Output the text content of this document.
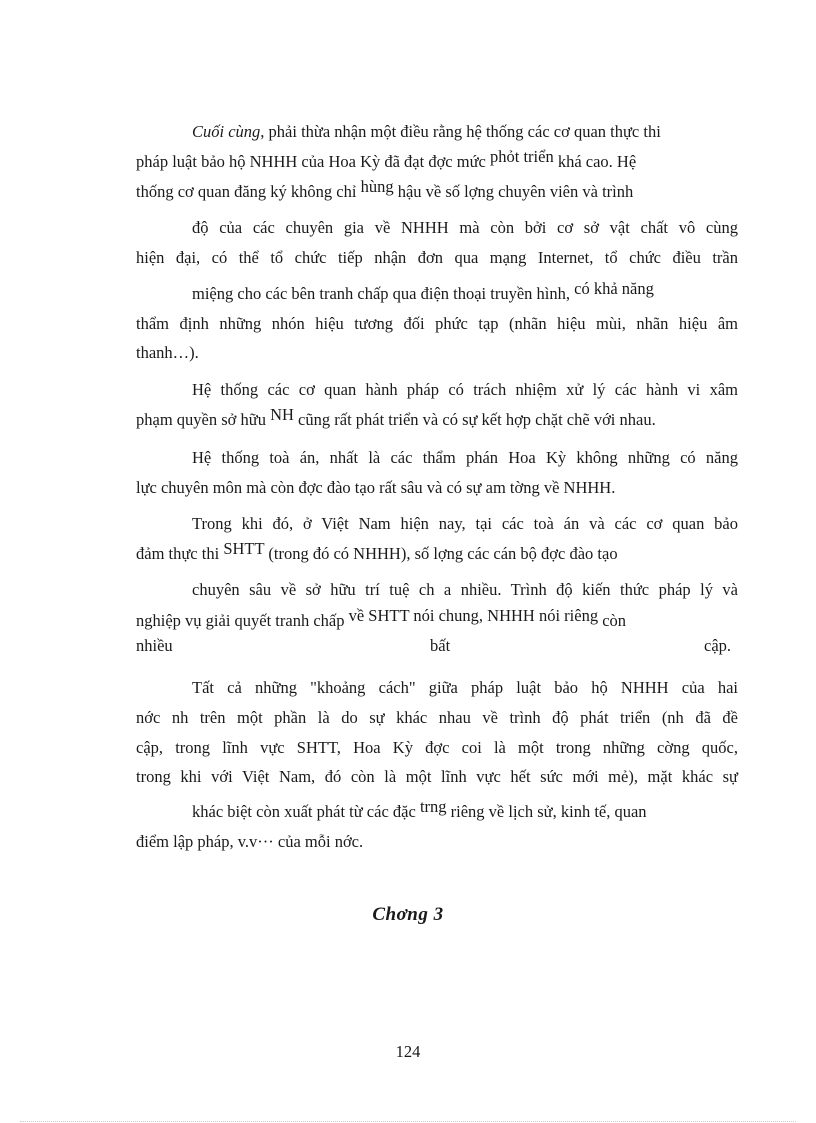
Cuối cùng, phải thừa nhận một điều rằng hệ thống các cơ quan thực thi
pháp luật bảo hộ NHHH của Hoa Kỳ đã đạt đợc mức phỏt triển khá cao. Hệ
thống cơ quan đăng ký không chỉ hùng hậu về số lợng chuyên viên và trình
độ của các chuyên gia về NHHH mà còn bởi cơ sở vật chất vô cùng
hiện đại, có thể tổ chức tiếp nhận đơn qua mạng Internet, tổ chức điều trần
miệng cho các bên tranh chấp qua điện thoại truyền hình, có khả năng
thẩm định những nhón hiệu tương đối phức tạp (nhãn hiệu mùi, nhãn hiệu âm
thanh…).
Hệ thống các cơ quan hành pháp có trách nhiệm xử lý các hành vi xâm
phạm quyền sở hữu NH cũng rất phát triển và có sự kết hợp chặt chẽ với nhau.
Hệ thống toà án, nhất là các thẩm phán Hoa Kỳ không những có năng
lực chuyên môn mà còn đợc đào tạo rất sâu và có sự am tờng về NHHH.
Trong khi đó, ở Việt Nam hiện nay, tại các toà án và các cơ quan bảo
đảm thực thi SHTT (trong đó có NHHH), số lợng các cán bộ đợc đào tạo
chuyên sâu về sở hữu trí tuệ ch a nhiều. Trình độ kiến thức pháp lý và
nghiệp vụ giải quyết tranh chấp về SHTT nói chung, NHHH nói riêng còn
nhiều	bất	cập.
Tất cả những "khoảng cách" giữa pháp luật bảo hộ NHHH của hai
nớc nh trên một phần là do sự khác nhau về trình độ phát triển (nh đã đề
cập, trong lĩnh vực SHTT, Hoa Kỳ đợc coi là một trong những cờng quốc,
trong khi với Việt Nam, đó còn là một lĩnh vực hết sức mới mẻ), mặt khác sự
khác biệt còn xuất phát từ các đặc trng riêng về lịch sử, kinh tế, quan
điểm lập pháp, v.v··· của mỗi nớc.
Chơng 3
124
